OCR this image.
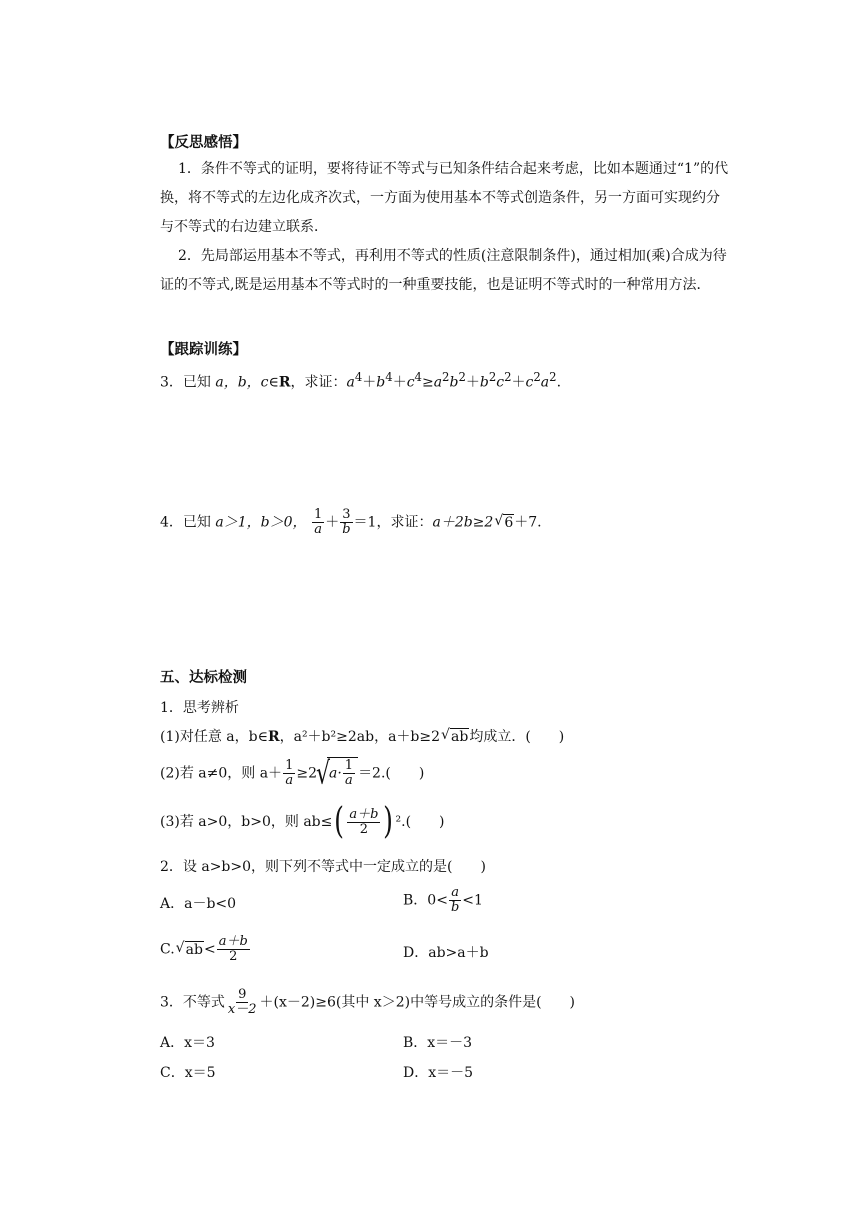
【反思感悟】
1．条件不等式的证明，要将待证不等式与已知条件结合起来考虑，比如本题通过“1”的代换，将不等式的左边化成齐次式，一方面为使用基本不等式创造条件，另一方面可实现约分与不等式的右边建立联系．
2．先局部运用基本不等式，再利用不等式的性质(注意限制条件)，通过相加(乘)合成为待证的不等式,既是运用基本不等式时的一种重要技能，也是证明不等式时的一种常用方法．
【跟踪训练】
3．已知 a，b，c∈R，求证：$a^4+b^4+c^4\ge a^2b^2+b^2c^2+c^2a^2$.
4．已知 a＞1，b＞0， $\frac{1}{a} + \frac{3}{b} =1$，求证：a＋2b≥2√ 6＋7.
五、达标检测
1．思考辨析
(1)对任意 a，b∈R，a²＋b²≥2ab，a＋b≥2√ ab均成立．(　　)
(2)若 a≠0，则 $a+ \frac{1}{a} \ge 2√$ $a\cdot \frac{1}{a} =2$.(　　)
(3)若 a>0，b>0，则 $ab\le( \frac{a+b}{2}$ ) ².(　　)
2．设 a>b>0，则下列不等式中一定成立的是(　　)
A．a－b<0	B．$0< \frac{a}{b} <1$
C.√ $ab< \frac{a+b}{2}$	D．ab>a＋b
3．不等式 $\frac{9}{x-2} +(x-2)\ge 6$(其中 x＞2)中等号成立的条件是(　　)
A．x＝3	B．x＝－3
C．x＝5	D．x＝－5
